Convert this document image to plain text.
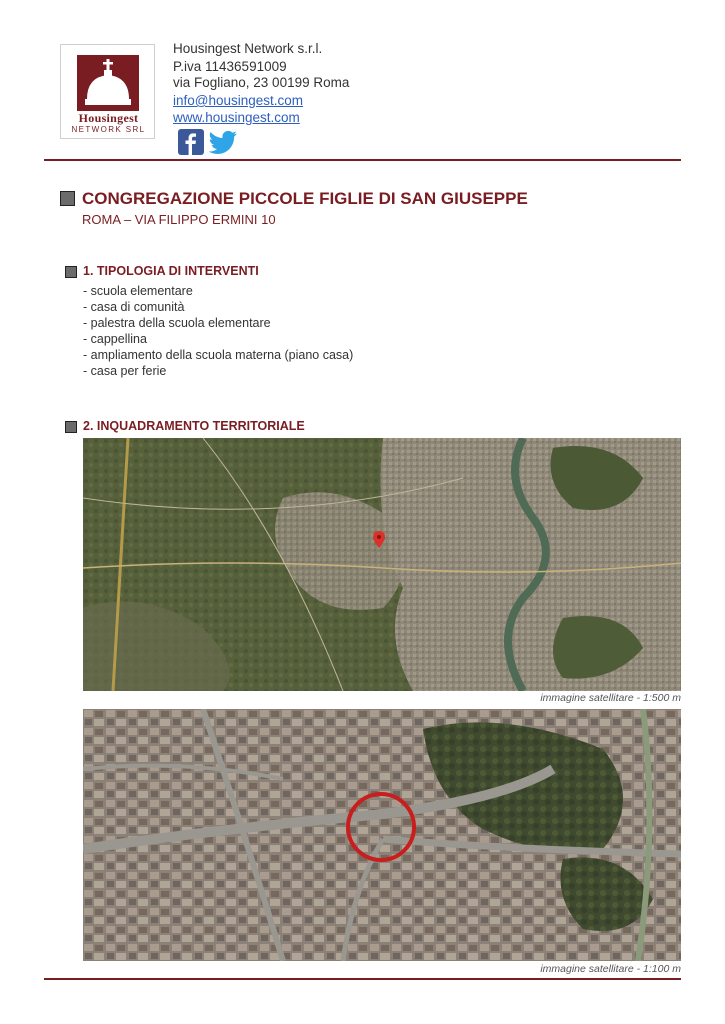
Housingest
NETWORK SRL
Housingest Network s.r.l.
P.iva 11436591009
via Fogliano, 23 00199 Roma
info@housingest.com
www.housingest.com
CONGREGAZIONE PICCOLE FIGLIE DI SAN GIUSEPPE
ROMA – VIA FILIPPO ERMINI 10
1. TIPOLOGIA DI INTERVENTI
- scuola elementare
- casa di comunità
- palestra della scuola elementare
- cappellina
- ampliamento della scuola materna (piano casa)
- casa per ferie
2. INQUADRAMENTO TERRITORIALE
immagine satellitare - 1:500 m
immagine satellitare - 1:100 m
